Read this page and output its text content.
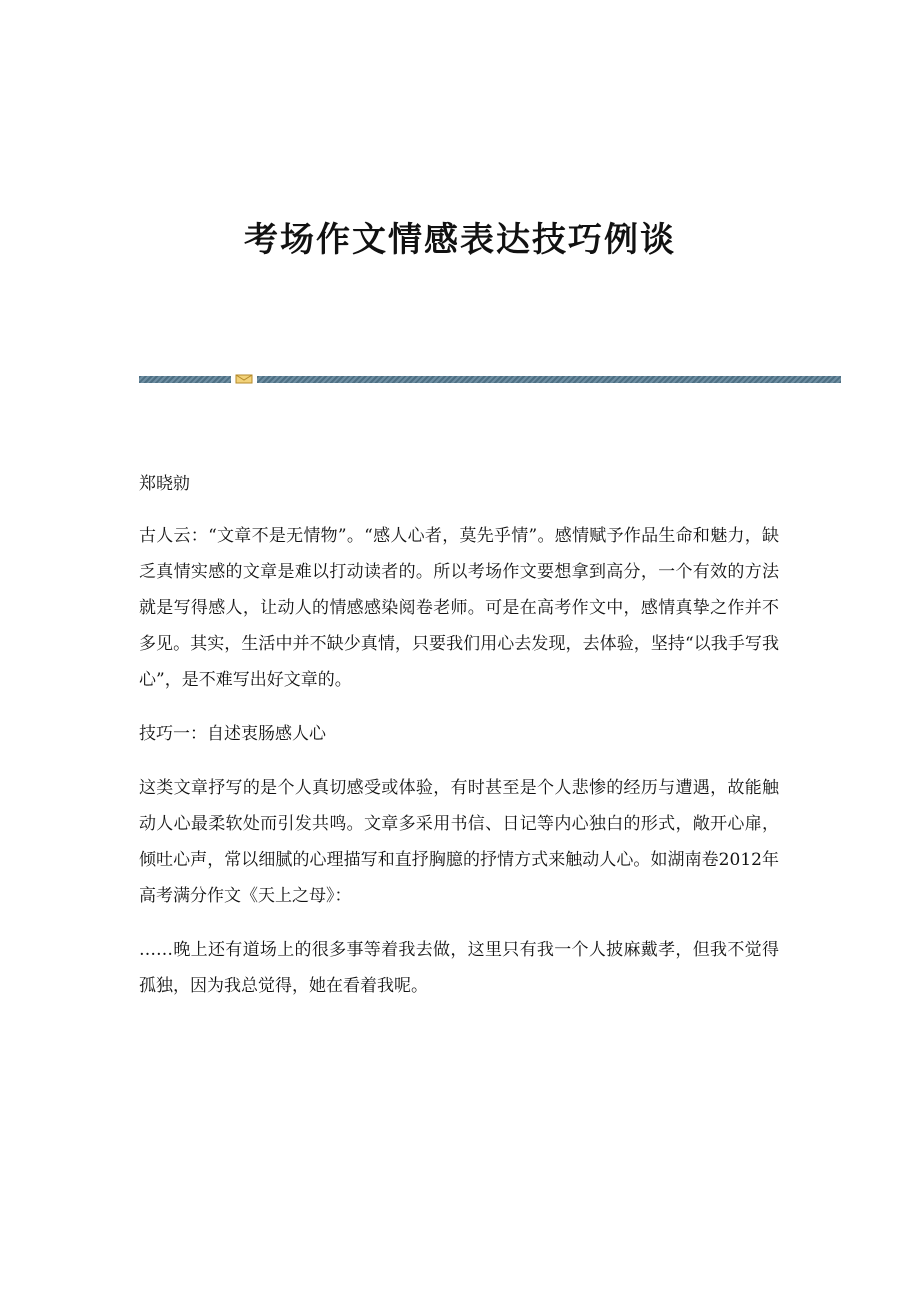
考场作文情感表达技巧例谈

郑晓勍

古人云：“文章不是无情物”。“感人心者，莫先乎情”。感情赋予作品生命和魅力，缺乏真情实感的文章是难以打动读者的。所以考场作文要想拿到高分，一个有效的方法就是写得感人，让动人的情感感染阅卷老师。可是在高考作文中，感情真挚之作并不多见。其实，生活中并不缺少真情，只要我们用心去发现，去体验，坚持“以我手写我心”，是不难写出好文章的。

技巧一：自述衷肠感人心

这类文章抒写的是个人真切感受或体验，有时甚至是个人悲惨的经历与遭遇，故能触动人心最柔软处而引发共鸣。文章多采用书信、日记等内心独白的形式，敞开心扉，倾吐心声，常以细腻的心理描写和直抒胸臆的抒情方式来触动人心。如湖南卷2012年高考满分作文《天上之母》：

……晚上还有道场上的很多事等着我去做，这里只有我一个人披麻戴孝，但我不觉得孤独，因为我总觉得，她在看着我呢。
